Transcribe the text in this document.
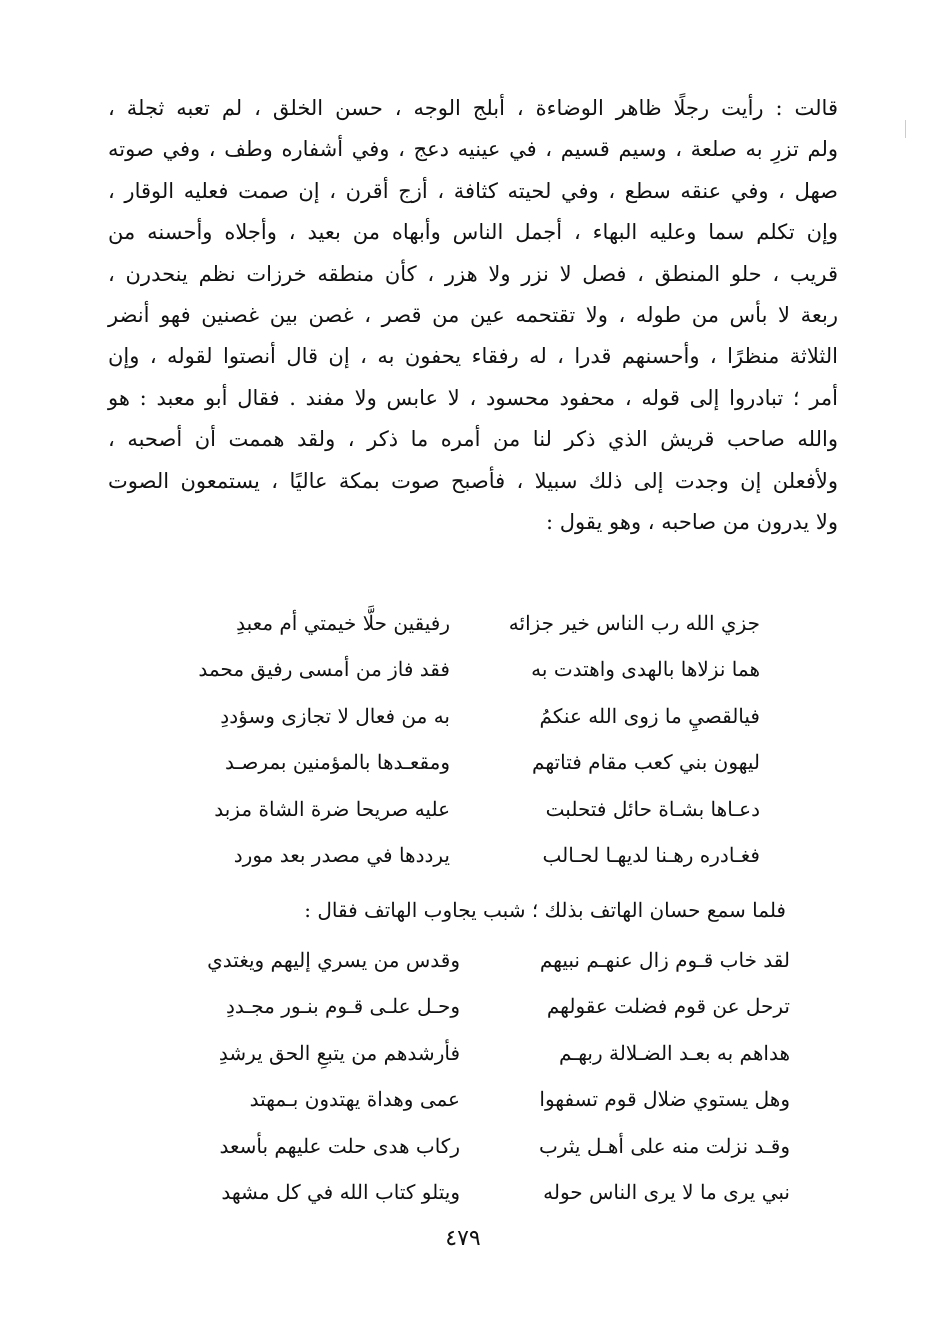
قالت : رأيت رجلًا ظاهر الوضاءة ، أبلج الوجه ، حسن الخلق ، لم تعبه ثجلة ،
ولم تزرِ به صلعة ، وسيم قسيم ، في عينيه دعج ، وفي أشفاره وطف ، وفي صوته
صهل ، وفي عنقه سطع ، وفي لحيته كثافة ، أزج أقرن ، إن صمت فعليه الوقار ،
وإن تكلم سما وعليه البهاء ، أجمل الناس وأبهاه من بعيد ، وأجلاه وأحسنه من
قريب ، حلو المنطق ، فصل لا نزر ولا هزر ، كأن منطقه خرزات نظم ينحدرن ،
ربعة لا بأس من طوله ، ولا تقتحمه عين من قصر ، غصن بين غصنين فهو أنضر
الثلاثة منظرًا ، وأحسنهم قدرا ، له رفقاء يحفون به ، إن قال أنصتوا لقوله ، وإن
أمر ؛ تبادروا إلى قوله ، محفود محسود ، لا عابس ولا مفند . فقال أبو معبد : هو
والله صاحب قريش الذي ذكر لنا من أمره ما ذكر ، ولقد هممت أن أصحبه ،
ولأفعلن إن وجدت إلى ذلك سبيلا ، فأصبح صوت بمكة عاليًا ، يستمعون الصوت
ولا يدرون من صاحبه ، وهو يقول :
جزي الله رب الناس خير جزائه
رفيقين حلَّا خيمتي أم معبدِ
هما نزلاها بالهدى واهتدت به
فقد فاز من أمسى رفيق محمد
فيالقصيِ ما زوى الله عنكمُ
به من فعال لا تجازى وسؤددِ
ليهون بني كعب مقام فتاتهم
ومقعـدها بالمؤمنين بمرصـد
دعـاها بشـاة حائل فتحلبت
عليه صريحا ضرة الشاة مزبد
فغـادره رهـنا لديهـا لحـالب
يرددها في مصدر بعد مورد
فلما سمع حسان الهاتف بذلك ؛ شبب يجاوب الهاتف فقال :
لقد خاب قـوم زال عنهـم نبيهم
وقدس من يسري إليهم ويغتدي
ترحل عن قوم فضلت عقولهم
وحـل علـى قـوم بنـور مجـددِ
هداهم به بعـد الضـلالة ربهـم
فأرشدهم من يتبعِ الحق يرشدِ
وهل يستوي ضلال قوم تسفهوا
عمى وهداة يهتدون بـمهتد
وقـد نزلت منه على أهـل يثرب
ركاب هدى حلت عليهم بأسعد
نبي يرى ما لا يرى الناس حوله
ويتلو كتاب الله في كل مشهد
٤٧٩
